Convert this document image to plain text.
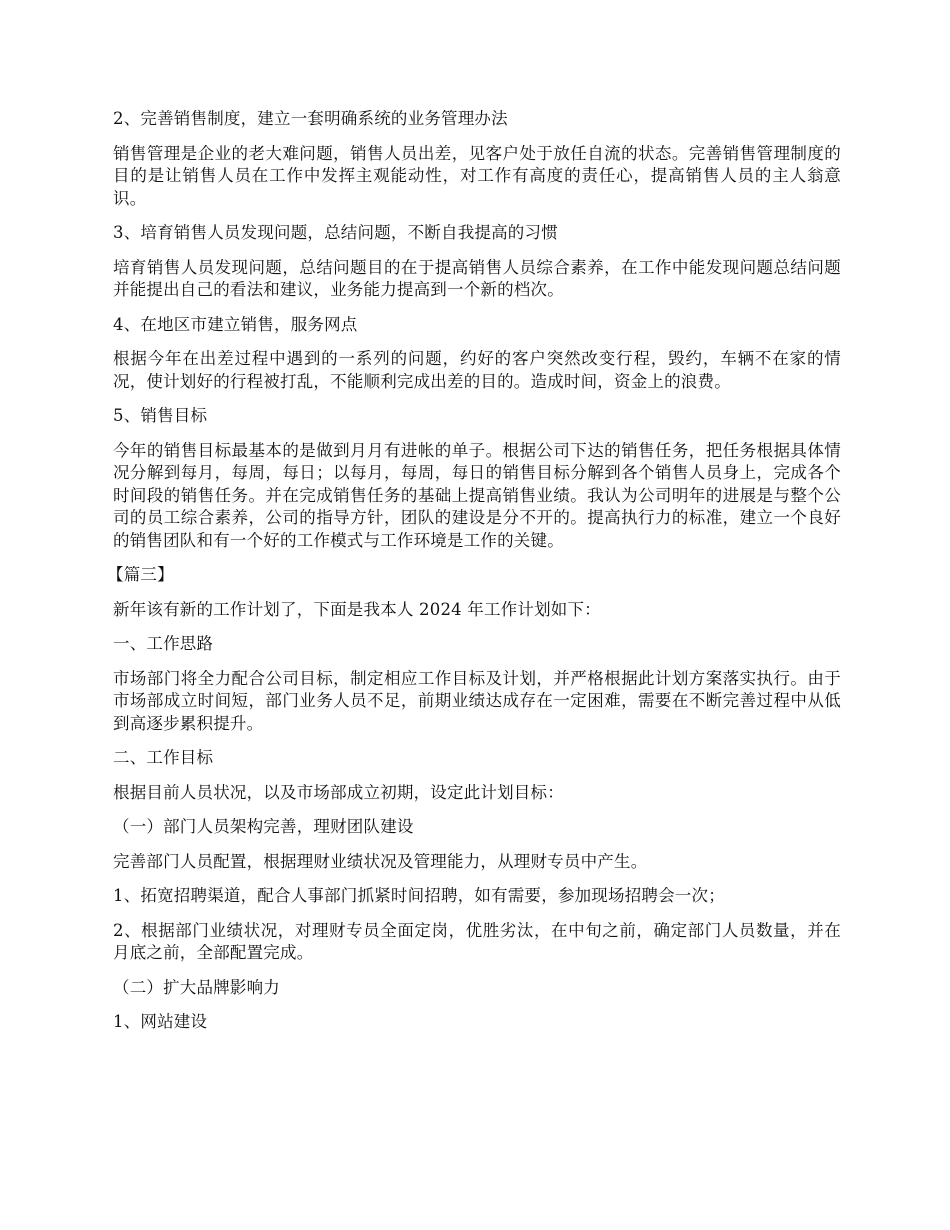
2、完善销售制度，建立一套明确系统的业务管理办法

销售管理是企业的老大难问题，销售人员出差，见客户处于放任自流的状态。完善销售管理制度的目的是让销售人员在工作中发挥主观能动性，对工作有高度的责任心，提高销售人员的主人翁意识。

3、培育销售人员发现问题，总结问题，不断自我提高的习惯

培育销售人员发现问题，总结问题目的在于提高销售人员综合素养，在工作中能发现问题总结问题并能提出自己的看法和建议，业务能力提高到一个新的档次。

4、在地区市建立销售，服务网点

根据今年在出差过程中遇到的一系列的问题，约好的客户突然改变行程，毁约，车辆不在家的情况，使计划好的行程被打乱，不能顺利完成出差的目的。造成时间，资金上的浪费。

5、销售目标

今年的销售目标最基本的是做到月月有进帐的单子。根据公司下达的销售任务，把任务根据具体情况分解到每月，每周，每日；以每月，每周，每日的销售目标分解到各个销售人员身上，完成各个时间段的销售任务。并在完成销售任务的基础上提高销售业绩。我认为公司明年的进展是与整个公司的员工综合素养，公司的指导方针，团队的建设是分不开的。提高执行力的标准，建立一个良好的销售团队和有一个好的工作模式与工作环境是工作的关键。

【篇三】

新年该有新的工作计划了，下面是我本人 2024 年工作计划如下：

一、工作思路

市场部门将全力配合公司目标，制定相应工作目标及计划，并严格根据此计划方案落实执行。由于市场部成立时间短，部门业务人员不足，前期业绩达成存在一定困难，需要在不断完善过程中从低到高逐步累积提升。

二、工作目标

根据目前人员状况，以及市场部成立初期，设定此计划目标：

（一）部门人员架构完善，理财团队建设

完善部门人员配置，根据理财业绩状况及管理能力，从理财专员中产生。

1、拓宽招聘渠道，配合人事部门抓紧时间招聘，如有需要，参加现场招聘会一次；

2、根据部门业绩状况，对理财专员全面定岗，优胜劣汰，在中旬之前，确定部门人员数量，并在月底之前，全部配置完成。

（二）扩大品牌影响力

1、网站建设
